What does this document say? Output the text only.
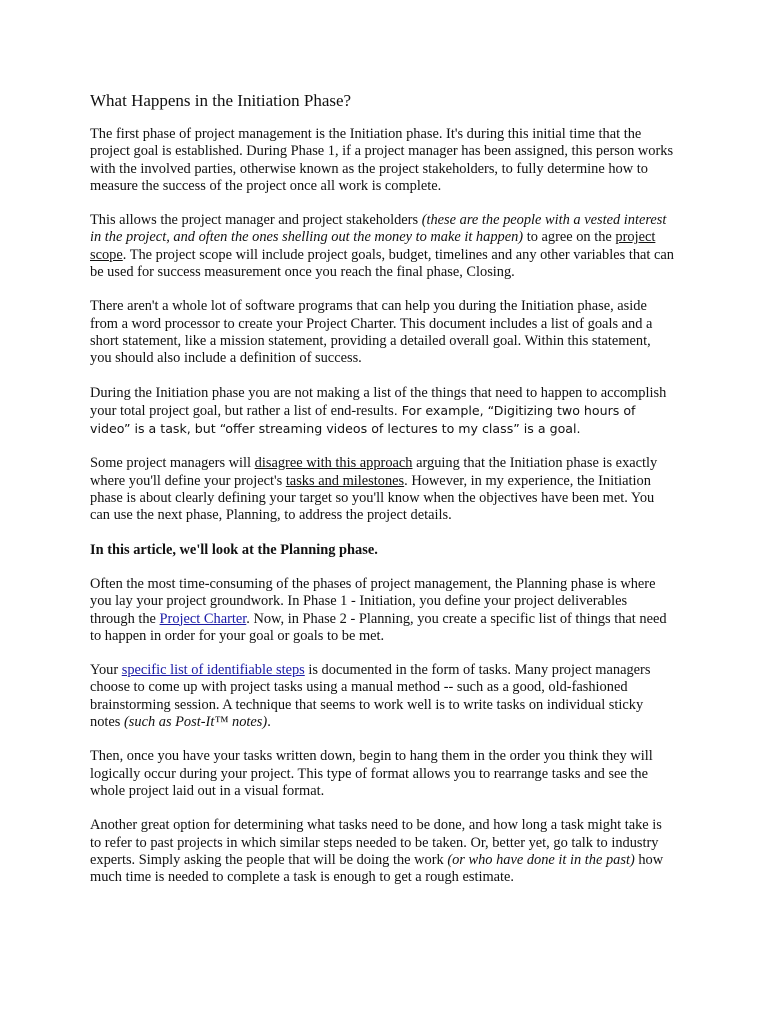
What Happens in the Initiation Phase?

The first phase of project management is the Initiation phase. It's during this initial time that the project goal is established. During Phase 1, if a project manager has been assigned, this person works with the involved parties, otherwise known as the project stakeholders, to fully determine how to measure the success of the project once all work is complete.

This allows the project manager and project stakeholders (these are the people with a vested interest in the project, and often the ones shelling out the money to make it happen) to agree on the project scope. The project scope will include project goals, budget, timelines and any other variables that can be used for success measurement once you reach the final phase, Closing.

There aren't a whole lot of software programs that can help you during the Initiation phase, aside from a word processor to create your Project Charter. This document includes a list of goals and a short statement, like a mission statement, providing a detailed overall goal. Within this statement, you should also include a definition of success.

During the Initiation phase you are not making a list of the things that need to happen to accomplish your total project goal, but rather a list of end-results. For example, “Digitizing two hours of video” is a task, but “offer streaming videos of lectures to my class” is a goal.

Some project managers will disagree with this approach arguing that the Initiation phase is exactly where you'll define your project's tasks and milestones. However, in my experience, the Initiation phase is about clearly defining your target so you'll know when the objectives have been met. You can use the next phase, Planning, to address the project details.

In this article, we'll look at the Planning phase.

Often the most time-consuming of the phases of project management, the Planning phase is where you lay your project groundwork. In Phase 1 - Initiation, you define your project deliverables through the Project Charter. Now, in Phase 2 - Planning, you create a specific list of things that need to happen in order for your goal or goals to be met.

Your specific list of identifiable steps is documented in the form of tasks. Many project managers choose to come up with project tasks using a manual method -- such as a good, old-fashioned brainstorming session. A technique that seems to work well is to write tasks on individual sticky notes (such as Post-It™ notes).

Then, once you have your tasks written down, begin to hang them in the order you think they will logically occur during your project. This type of format allows you to rearrange tasks and see the whole project laid out in a visual format.

Another great option for determining what tasks need to be done, and how long a task might take is to refer to past projects in which similar steps needed to be taken. Or, better yet, go talk to industry experts. Simply asking the people that will be doing the work (or who have done it in the past) how much time is needed to complete a task is enough to get a rough estimate.
